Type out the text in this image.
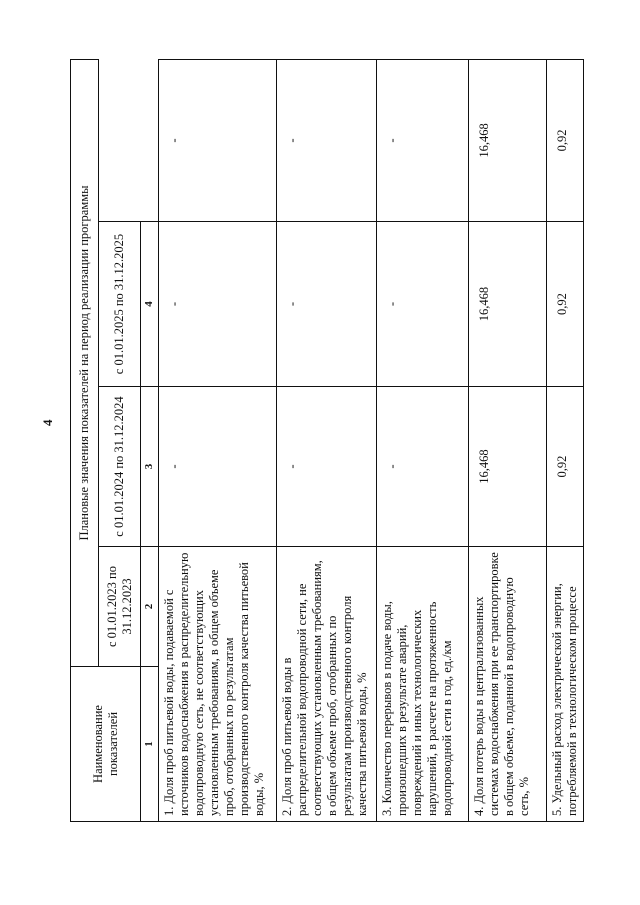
4
Наименование показателей	Плановые значения показателей на период реализации программы			
	с 01.01.2023 по 31.12.2023	с 01.01.2024 по 31.12.2024	с 01.01.2025 по 31.12.2025	
1	2	3	4	
1. Доля проб питьевой воды, подаваемой с источников водоснабжения в распределительную водопроводную сеть, не соответствующих установленным требованиям, в общем объеме проб, отобранных по результатам производственного контроля качества питьевой воды, %		-	-	-
2. Доля проб питьевой воды в распределительной водопроводной сети, не соответствующих установленным требованиям, в общем объеме проб, отобранных по результатам производственного контроля качества питьевой воды, %		-	-	-
3. Количество перерывов в подаче воды, произошедших в результате аварий, повреждений и иных технологических нарушений, в расчете на протяженность водопроводной сети в год, ед./км		-	-	-
4. Доля потерь воды в централизованных системах водоснабжения при ее транспортировке в общем объеме, поданной в водопроводную сеть, %		16,468	16,468	16,468
5. Удельный расход электрической энергии, потребляемой в технологическом процессе		0,92	0,92	0,92
